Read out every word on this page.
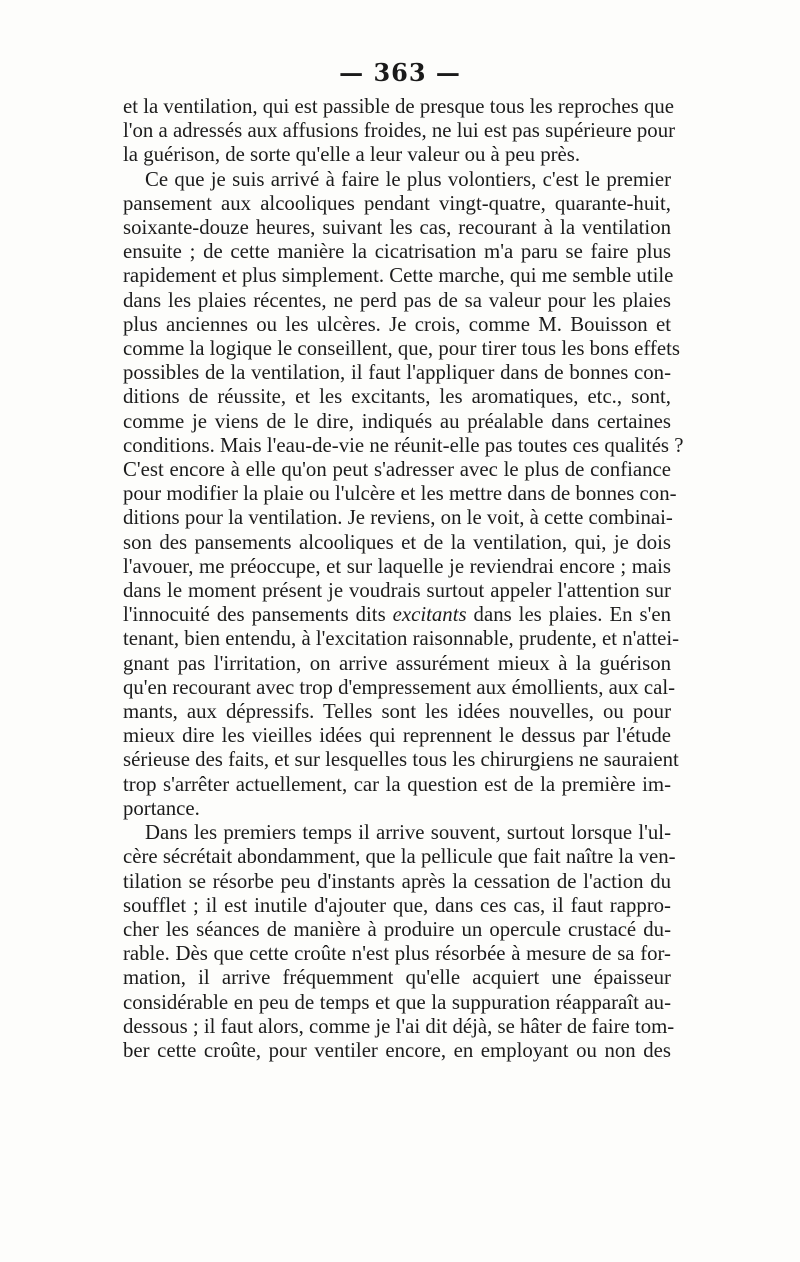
— 363 —
et la ventilation, qui est passible de presque tous les reproches que
l'on a adressés aux affusions froides, ne lui est pas supérieure pour
la guérison, de sorte qu'elle a leur valeur ou à peu près.
Ce que je suis arrivé à faire le plus volontiers, c'est le premier
pansement aux alcooliques pendant vingt-quatre, quarante-huit,
soixante-douze heures, suivant les cas, recourant à la ventilation
ensuite ; de cette manière la cicatrisation m'a paru se faire plus
rapidement et plus simplement. Cette marche, qui me semble utile
dans les plaies récentes, ne perd pas de sa valeur pour les plaies
plus anciennes ou les ulcères. Je crois, comme M. Bouisson et
comme la logique le conseillent, que, pour tirer tous les bons effets
possibles de la ventilation, il faut l'appliquer dans de bonnes con-
ditions de réussite, et les excitants, les aromatiques, etc., sont,
comme je viens de le dire, indiqués au préalable dans certaines
conditions. Mais l'eau-de-vie ne réunit-elle pas toutes ces qualités ?
C'est encore à elle qu'on peut s'adresser avec le plus de confiance
pour modifier la plaie ou l'ulcère et les mettre dans de bonnes con-
ditions pour la ventilation. Je reviens, on le voit, à cette combinai-
son des pansements alcooliques et de la ventilation, qui, je dois
l'avouer, me préoccupe, et sur laquelle je reviendrai encore ; mais
dans le moment présent je voudrais surtout appeler l'attention sur
l'innocuité des pansements dits excitants dans les plaies. En s'en
tenant, bien entendu, à l'excitation raisonnable, prudente, et n'attei-
gnant pas l'irritation, on arrive assurément mieux à la guérison
qu'en recourant avec trop d'empressement aux émollients, aux cal-
mants, aux dépressifs. Telles sont les idées nouvelles, ou pour
mieux dire les vieilles idées qui reprennent le dessus par l'étude
sérieuse des faits, et sur lesquelles tous les chirurgiens ne sauraient
trop s'arrêter actuellement, car la question est de la première im-
portance.
Dans les premiers temps il arrive souvent, surtout lorsque l'ul-
cère sécrétait abondamment, que la pellicule que fait naître la ven-
tilation se résorbe peu d'instants après la cessation de l'action du
soufflet ; il est inutile d'ajouter que, dans ces cas, il faut rappro-
cher les séances de manière à produire un opercule crustacé du-
rable. Dès que cette croûte n'est plus résorbée à mesure de sa for-
mation, il arrive fréquemment qu'elle acquiert une épaisseur
considérable en peu de temps et que la suppuration réapparaît au-
dessous ; il faut alors, comme je l'ai dit déjà, se hâter de faire tom-
ber cette croûte, pour ventiler encore, en employant ou non des
